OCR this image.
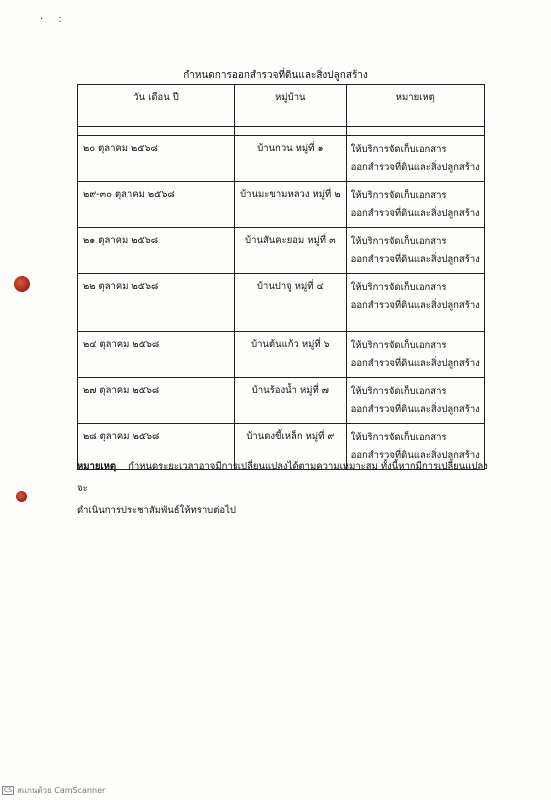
· :
กำหนดการออกสำรวจที่ดินและสิ่งปลูกสร้าง
วัน เดือน ปี	หมู่บ้าน	หมายเหตุ

๒๐ ตุลาคม ๒๕๖๘	บ้านกวน หมู่ที่ ๑	ให้บริการจัดเก็บเอกสาร
ออกสำรวจที่ดินและสิ่งปลูกสร้าง

๒๙-๓๐ ตุลาคม ๒๕๖๘	บ้านมะขามหลวง หมู่ที่ ๒	ให้บริการจัดเก็บเอกสาร
ออกสำรวจที่ดินและสิ่งปลูกสร้าง

๒๑ ตุลาคม ๒๕๖๘	บ้านสันคะยอม หมู่ที่ ๓	ให้บริการจัดเก็บเอกสาร
ออกสำรวจที่ดินและสิ่งปลูกสร้าง

๒๒ ตุลาคม ๒๕๖๘	บ้านปาจู หมู่ที่ ๔	ให้บริการจัดเก็บเอกสาร
ออกสำรวจที่ดินและสิ่งปลูกสร้าง

๒๔ ตุลาคม ๒๕๖๘	บ้านต้นแก้ว หมู่ที่ ๖	ให้บริการจัดเก็บเอกสาร
ออกสำรวจที่ดินและสิ่งปลูกสร้าง

๒๗ ตุลาคม ๒๕๖๘	บ้านร้องน้ำ หมู่ที่ ๗	ให้บริการจัดเก็บเอกสาร
ออกสำรวจที่ดินและสิ่งปลูกสร้าง

๒๘ ตุลาคม ๒๕๖๘	บ้านดงขี้เหล็ก หมู่ที่ ๙	ให้บริการจัดเก็บเอกสาร
ออกสำรวจที่ดินและสิ่งปลูกสร้าง
หมายเหตุ กำหนดระยะเวลาอาจมีการเปลี่ยนแปลงได้ตามความเหมาะสม ทั้งนี้หากมีการเปลี่ยนแปลงจะ
ดำเนินการประชาสัมพันธ์ให้ทราบต่อไป
CS สแกนด้วย CamScanner
